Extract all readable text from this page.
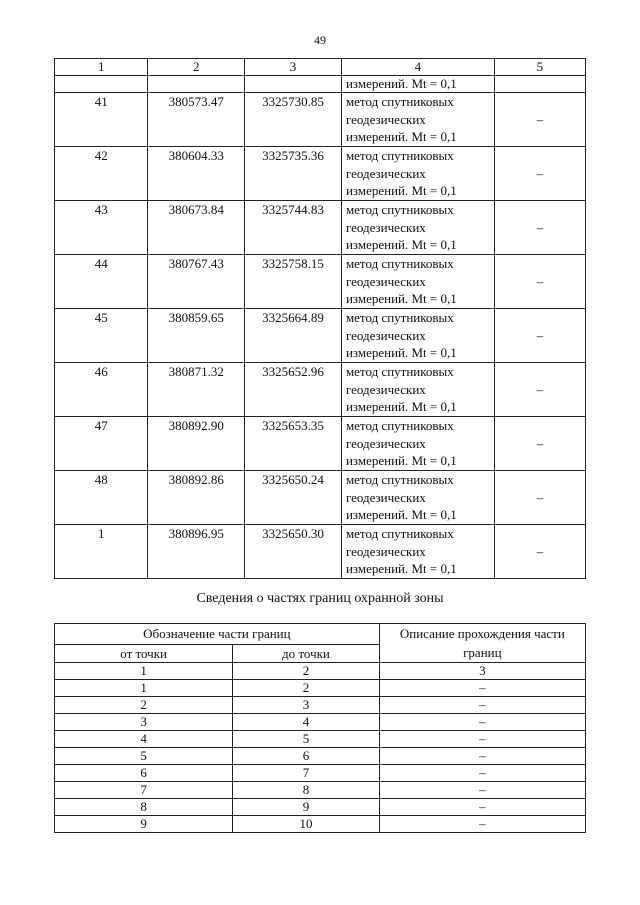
49
1	2	3	4	5
			измерений. Mt = 0,1	
41	380573.47	3325730.85	метод спутниковых
геодезических
измерений. Mt = 0,1	–
42	380604.33	3325735.36	метод спутниковых
геодезических
измерений. Mt = 0,1	–
43	380673.84	3325744.83	метод спутниковых
геодезических
измерений. Mt = 0,1	–
44	380767.43	3325758.15	метод спутниковых
геодезических
измерений. Mt = 0,1	–
45	380859.65	3325664.89	метод спутниковых
геодезических
измерений. Mt = 0,1	–
46	380871.32	3325652.96	метод спутниковых
геодезических
измерений. Mt = 0,1	–
47	380892.90	3325653.35	метод спутниковых
геодезических
измерений. Mt = 0,1	–
48	380892.86	3325650.24	метод спутниковых
геодезических
измерений. Mt = 0,1	–
1	380896.95	3325650.30	метод спутниковых
геодезических
измерений. Mt = 0,1	–
Сведения о частях границ охранной зоны
Обозначение части границ		Описание прохождения части
границ

от точки	до точки	
1	2	3
1	2	–
2	3	–
3	4	–
4	5	–
5	6	–
6	7	–
7	8	–
8	9	–
9	10	–
